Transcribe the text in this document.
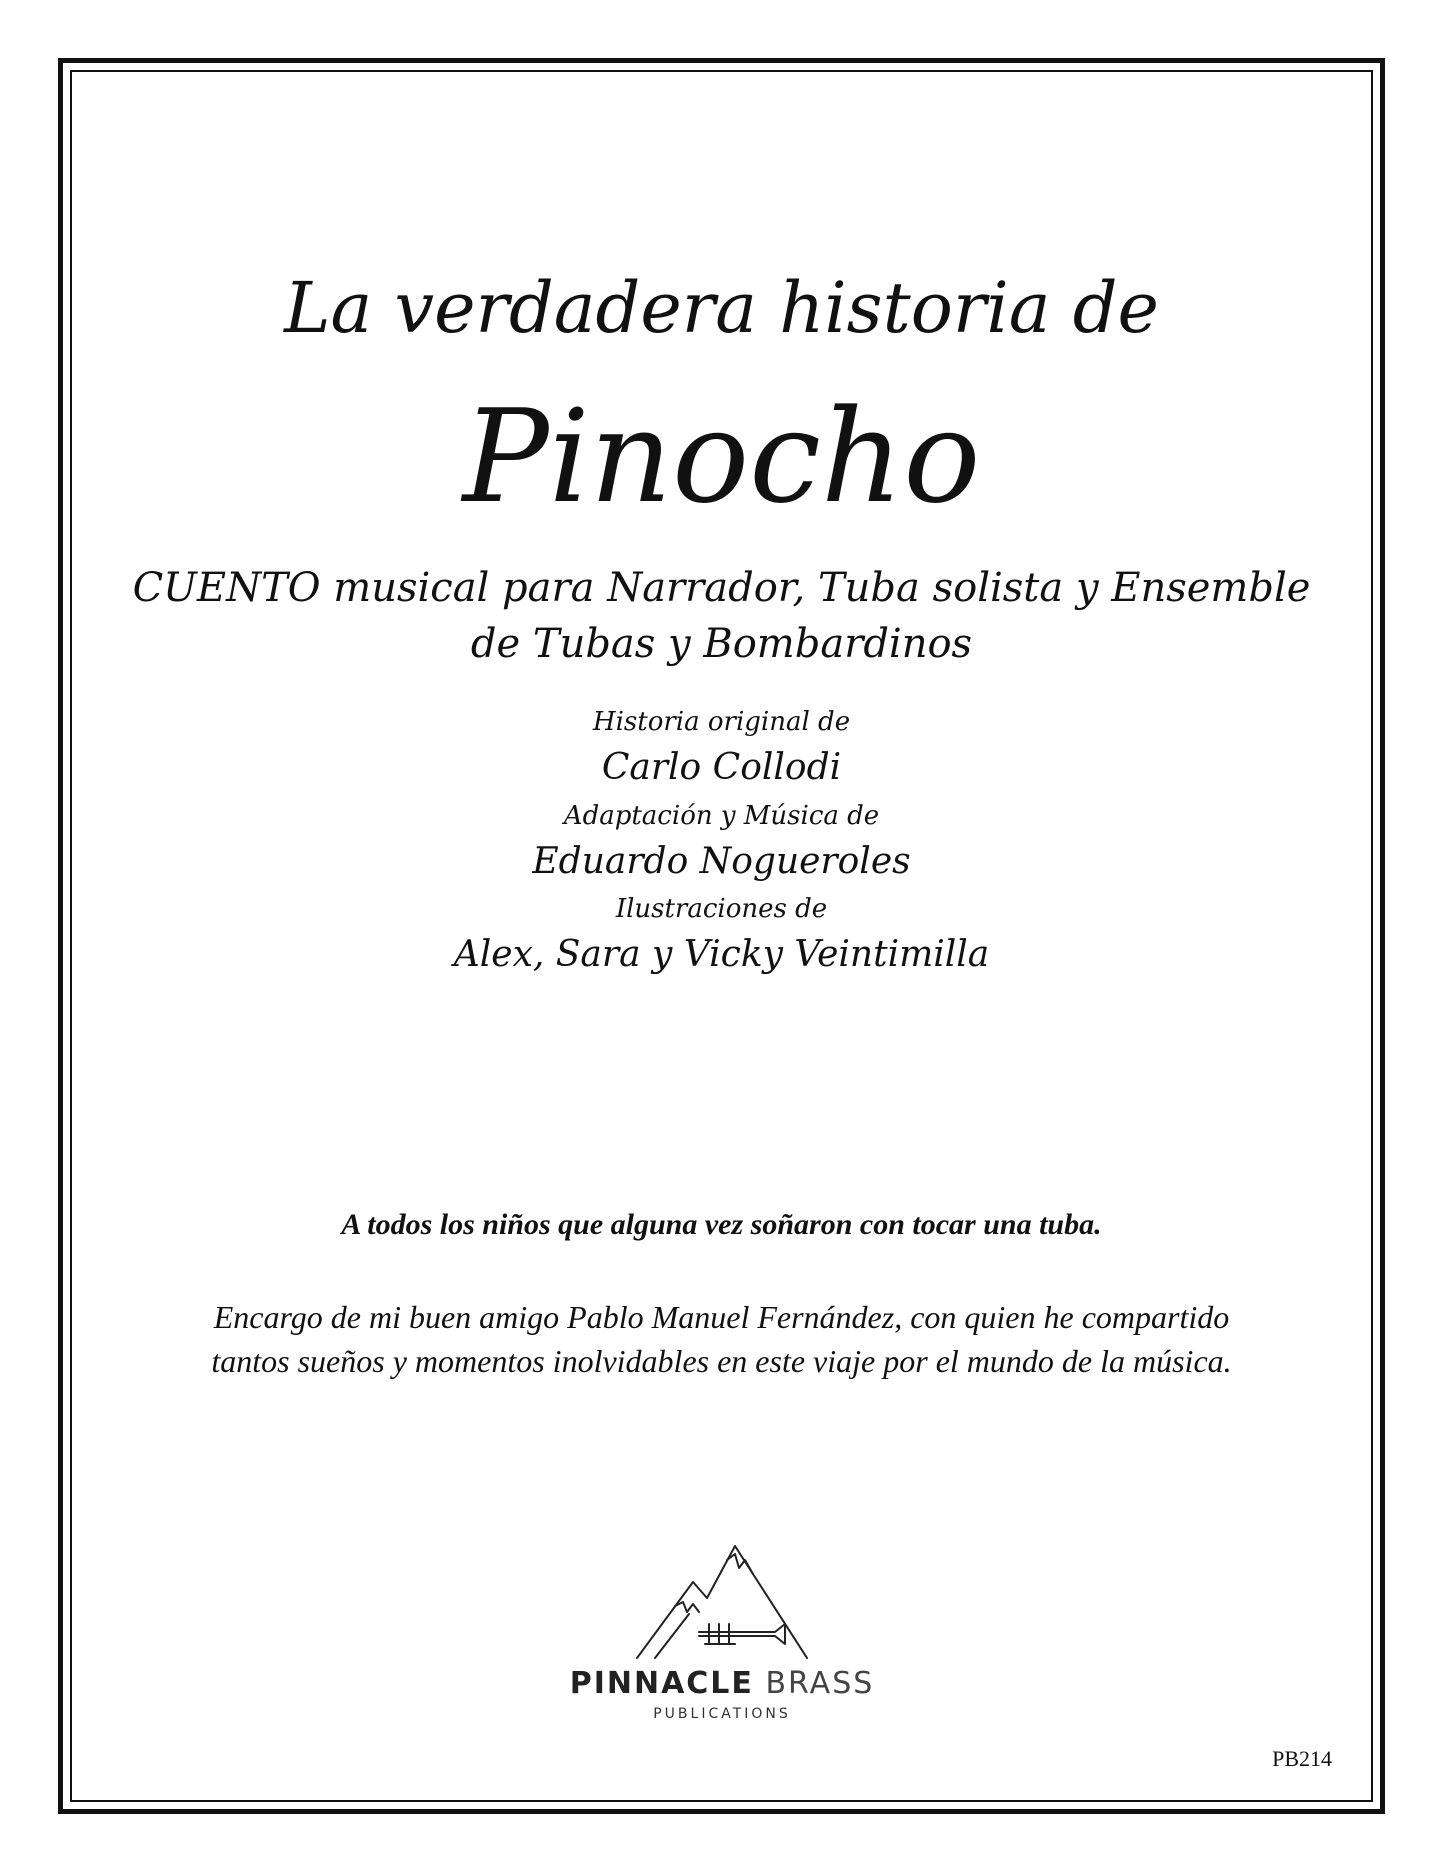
La verdadera historia de
Pinocho
CUENTO musical para Narrador, Tuba solista y Ensemble
de Tubas y Bombardinos
Historia original de
Carlo Collodi
Adaptación y Música de
Eduardo Nogueroles
Ilustraciones de
Alex, Sara y Vicky Veintimilla
A todos los niños que alguna vez soñaron con tocar una tuba.
Encargo de mi buen amigo Pablo Manuel Fernández, con quien he compartido
tantos sueños y momentos inolvidables en este viaje por el mundo de la música.
PINNACLE BRASS
PUBLICATIONS
PB214
